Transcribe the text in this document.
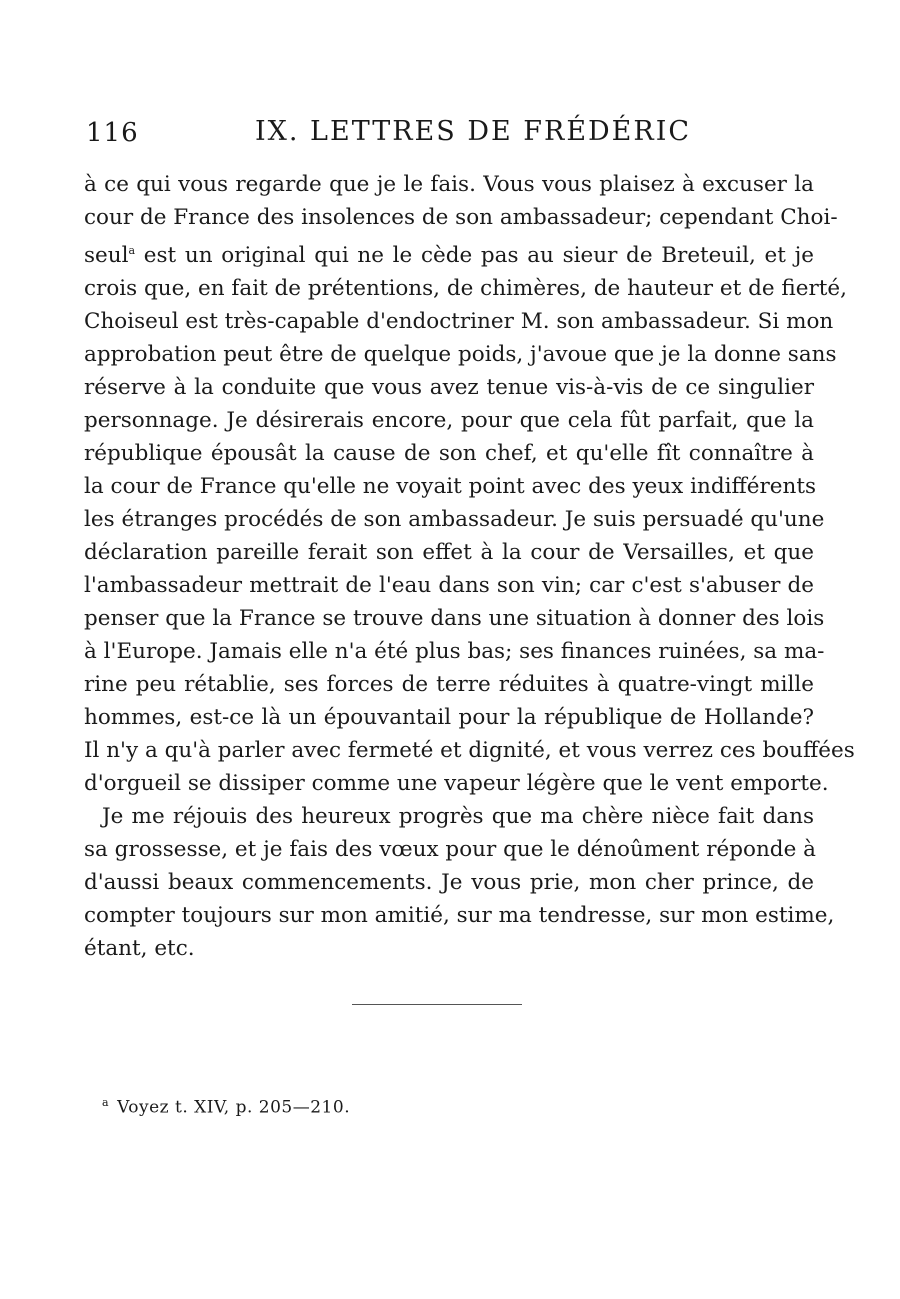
116	IX. LETTRES DE FRÉDÉRIC
à ce qui vous regarde que je le fais. Vous vous plaisez à excuser la
cour de France des insolences de son ambassadeur; cependant Choi-
seul$^a$ est un original qui ne le cède pas au sieur de Breteuil, et je
crois que, en fait de prétentions, de chimères, de hauteur et de fierté,
Choiseul est très-capable d'endoctriner M. son ambassadeur. Si mon
approbation peut être de quelque poids, j'avoue que je la donne sans
réserve à la conduite que vous avez tenue vis-à-vis de ce singulier
personnage. Je désirerais encore, pour que cela fût parfait, que la
république épousât la cause de son chef, et qu'elle fît connaître à
la cour de France qu'elle ne voyait point avec des yeux indifférents
les étranges procédés de son ambassadeur. Je suis persuadé qu'une
déclaration pareille ferait son effet à la cour de Versailles, et que
l'ambassadeur mettrait de l'eau dans son vin; car c'est s'abuser de
penser que la France se trouve dans une situation à donner des lois
à l'Europe. Jamais elle n'a été plus bas; ses finances ruinées, sa ma-
rine peu rétablie, ses forces de terre réduites à quatre-vingt mille
hommes, est-ce là un épouvantail pour la république de Hollande?
Il n'y a qu'à parler avec fermeté et dignité, et vous verrez ces bouffées
d'orgueil se dissiper comme une vapeur légère que le vent emporte.
Je me réjouis des heureux progrès que ma chère nièce fait dans
sa grossesse, et je fais des vœux pour que le dénoûment réponde à
d'aussi beaux commencements. Je vous prie, mon cher prince, de
compter toujours sur mon amitié, sur ma tendresse, sur mon estime,
étant, etc.
$^a$ Voyez t. XIV, p. 205—210.
